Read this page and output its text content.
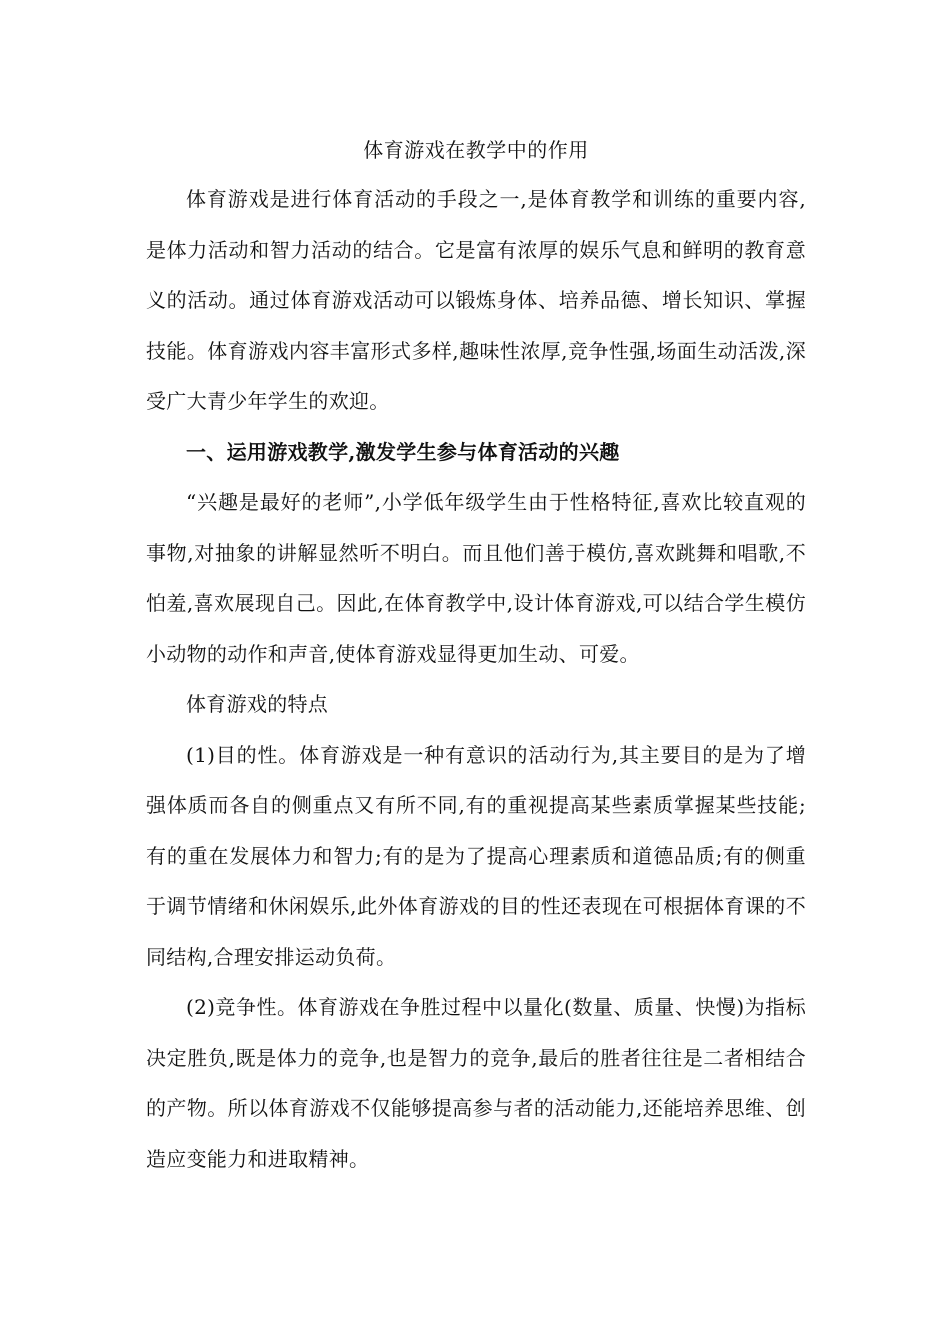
体育游戏在教学中的作用

体育游戏是进行体育活动的手段之一,是体育教学和训练的重要内容,是体力活动和智力活动的结合。它是富有浓厚的娱乐气息和鲜明的教育意义的活动。通过体育游戏活动可以锻炼身体、培养品德、增长知识、掌握技能。体育游戏内容丰富形式多样,趣味性浓厚,竞争性强,场面生动活泼,深受广大青少年学生的欢迎。

一、运用游戏教学,激发学生参与体育活动的兴趣

“兴趣是最好的老师”,小学低年级学生由于性格特征,喜欢比较直观的事物,对抽象的讲解显然听不明白。而且他们善于模仿,喜欢跳舞和唱歌,不怕羞,喜欢展现自己。因此,在体育教学中,设计体育游戏,可以结合学生模仿小动物的动作和声音,使体育游戏显得更加生动、可爱。

体育游戏的特点

(1)目的性。体育游戏是一种有意识的活动行为,其主要目的是为了增强体质而各自的侧重点又有所不同,有的重视提高某些素质掌握某些技能;有的重在发展体力和智力;有的是为了提高心理素质和道德品质;有的侧重于调节情绪和休闲娱乐,此外体育游戏的目的性还表现在可根据体育课的不同结构,合理安排运动负荷。

(2)竞争性。体育游戏在争胜过程中以量化(数量、质量、快慢)为指标决定胜负,既是体力的竞争,也是智力的竞争,最后的胜者往往是二者相结合的产物。所以体育游戏不仅能够提高参与者的活动能力,还能培养思维、创造应变能力和进取精神。
